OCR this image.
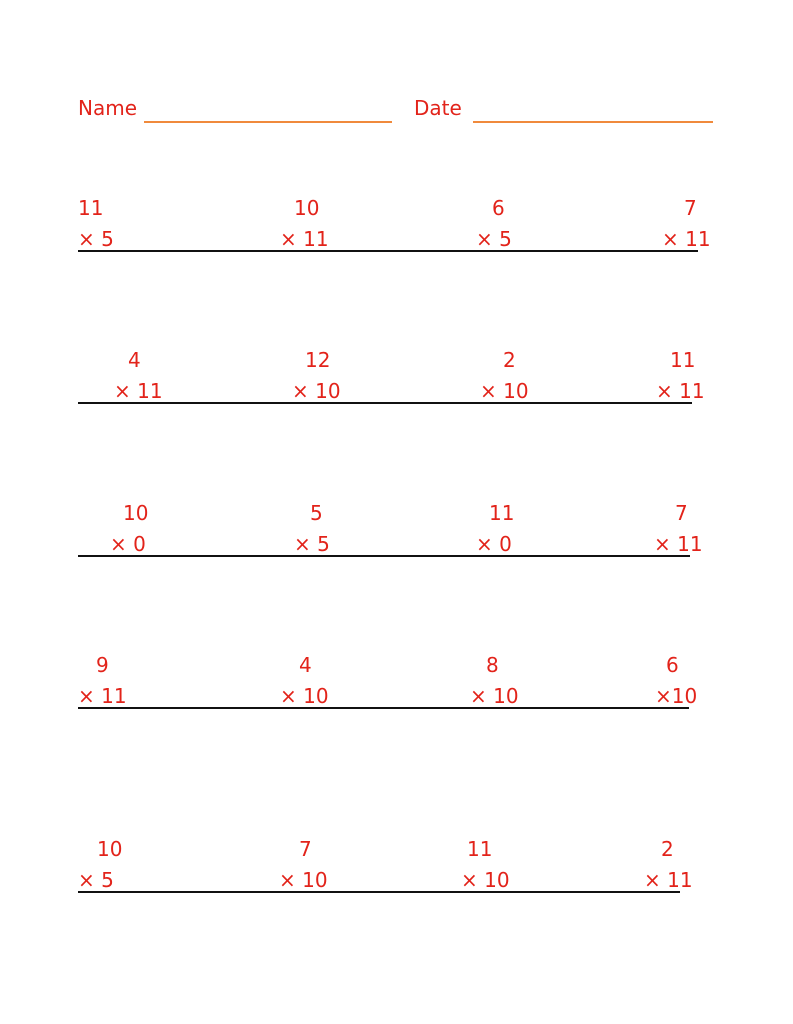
Name	Date
11
× 5
10
× 11
6
× 5
7
× 11
4
× 11
12
× 10
2
× 10
11
× 11
10
× 0
5
× 5
11
× 0
7
× 11
9
× 11
4
× 10
8
× 10
6
×10
10
× 5
7
× 10
11
× 10
2
× 11
